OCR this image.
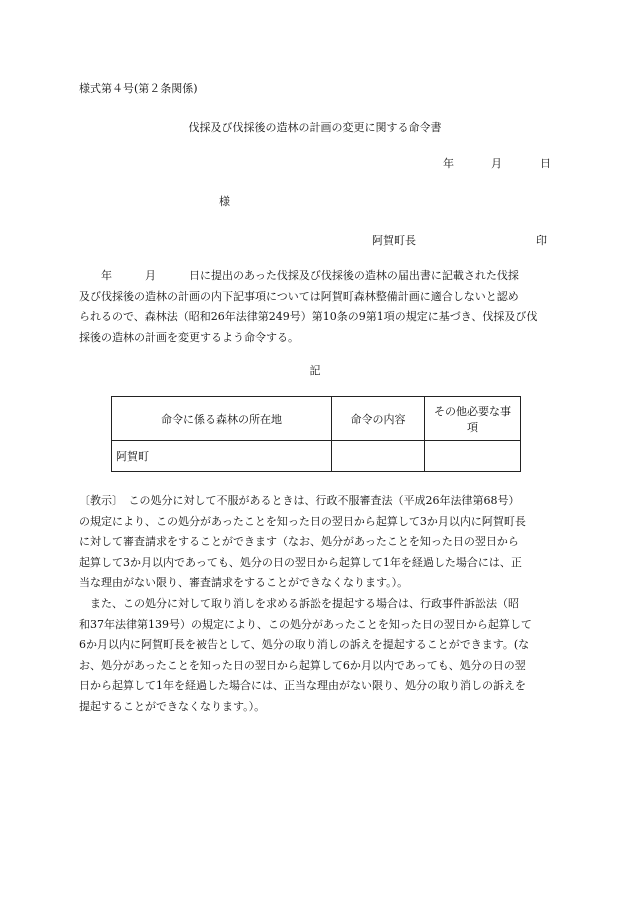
様式第４号(第２条関係)
伐採及び伐採後の造林の計画の変更に関する命令書
年	月	日
様
阿賀町長	印
年　　　月　　　日に提出のあった伐採及び伐採後の造林の届出書に記載された伐採
及び伐採後の造林の計画の内下記事項については阿賀町森林整備計画に適合しないと認め
られるので、森林法（昭和26年法律第249号）第10条の9第1項の規定に基づき、伐採及び伐
採後の造林の計画を変更するよう命令する。
記
命令に係る森林の所在地	命令の内容	その他必要な事項
阿賀町		
〔教示〕　この処分に対して不服があるときは、行政不服審査法（平成26年法律第68号）
の規定により、この処分があったことを知った日の翌日から起算して3か月以内に阿賀町長
に対して審査請求をすることができます（なお、処分があったことを知った日の翌日から
起算して3か月以内であっても、処分の日の翌日から起算して1年を経過した場合には、正
当な理由がない限り、審査請求をすることができなくなります。）。
　また、この処分に対して取り消しを求める訴訟を提起する場合は、行政事件訴訟法（昭
和37年法律第139号）の規定により、この処分があったことを知った日の翌日から起算して
6か月以内に阿賀町長を被告として、処分の取り消しの訴えを提起することができます。(な
お、処分があったことを知った日の翌日から起算して6か月以内であっても、処分の日の翌
日から起算して1年を経過した場合には、正当な理由がない限り、処分の取り消しの訴えを
提起することができなくなります。）。
